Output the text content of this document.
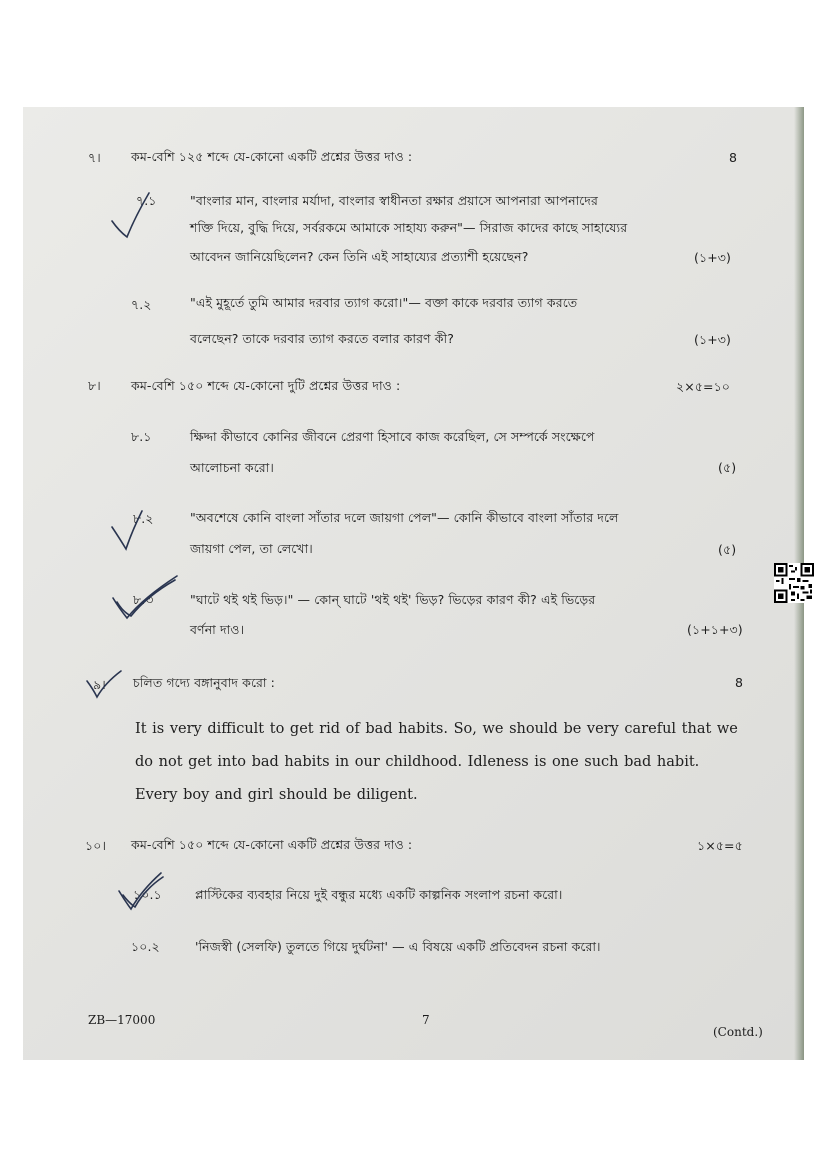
৭। কম-বেশি ১২৫ শব্দে যে-কোনো একটি প্রশ্নের উত্তর দাও :	8
৭.১	"বাংলার মান, বাংলার মর্যাদা, বাংলার স্বাধীনতা রক্ষার প্রয়াসে আপনারা আপনাদের
শক্তি দিয়ে, বুদ্ধি দিয়ে, সর্বরকমে আমাকে সাহায্য করুন"— সিরাজ কাদের কাছে সাহায্যের
আবেদন জানিয়েছিলেন? কেন তিনি এই সাহায্যের প্রত্যাশী হয়েছেন?	(১+৩)
৭.২	"এই মুহূর্তে তুমি আমার দরবার ত্যাগ করো।"— বক্তা কাকে দরবার ত্যাগ করতে
বলেছেন? তাকে দরবার ত্যাগ করতে বলার কারণ কী?	(১+৩)
৮। কম-বেশি ১৫০ শব্দে যে-কোনো দুটি প্রশ্নের উত্তর দাও :	২×৫=১০
৮.১	ক্ষিদ্দা কীভাবে কোনির জীবনে প্রেরণা হিসাবে কাজ করেছিল, সে সম্পর্কে সংক্ষেপে
আলোচনা করো।	(৫)
৮.২	"অবশেষে কোনি বাংলা সাঁতার দলে জায়গা পেল"— কোনি কীভাবে বাংলা সাঁতার দলে
জায়গা পেল, তা লেখো।	(৫)
৮.৩	"ঘাটে থই থই ভিড়।" — কোন্ ঘাটে 'থই থই' ভিড়? ভিড়ের কারণ কী? এই ভিড়ের
বর্ণনা দাও।	(১+১+৩)
৯। চলিত গদ্যে বঙ্গানুবাদ করো :	8
It is very difficult to get rid of bad habits. So, we should be very careful that we
do not get into bad habits in our childhood. Idleness is one such bad habit.
Every boy and girl should be diligent.
১০। কম-বেশি ১৫০ শব্দে যে-কোনো একটি প্রশ্নের উত্তর দাও :	১×৫=৫
১০.১	প্লাস্টিকের ব্যবহার নিয়ে দুই বন্ধুর মধ্যে একটি কাল্পনিক সংলাপ রচনা করো।
১০.২	'নিজস্বী (সেলফি) তুলতে গিয়ে দুর্ঘটনা' — এ বিষয়ে একটি প্রতিবেদন রচনা করো।
ZB—17000	7
(Contd.)
